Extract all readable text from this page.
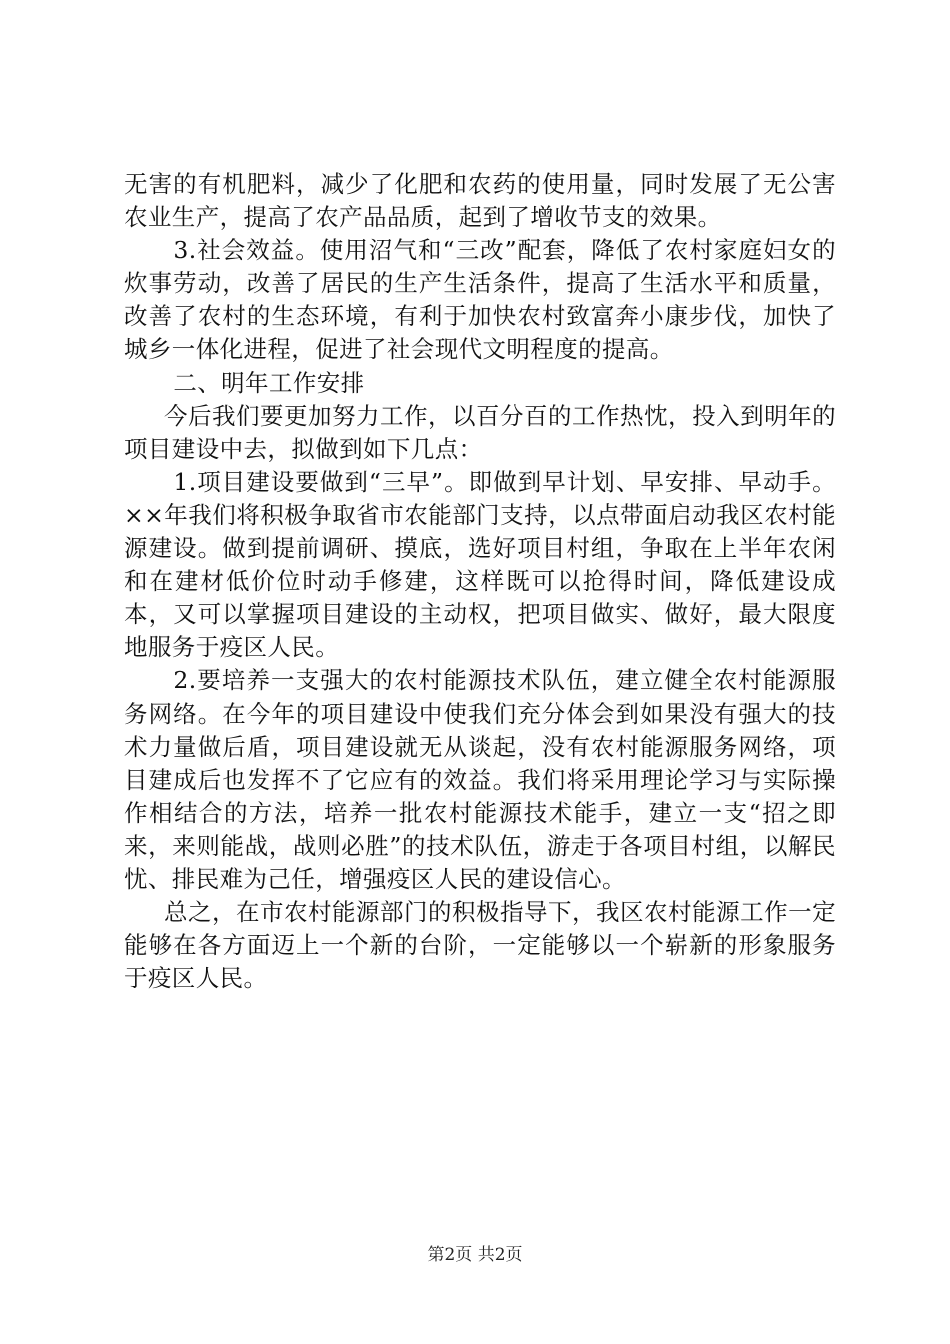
无害的有机肥料，减少了化肥和农药的使用量，同时发展了无公害农业生产，提高了农产品品质，起到了增收节支的效果。

3.社会效益。使用沼气和“三改”配套，降低了农村家庭妇女的炊事劳动，改善了居民的生产生活条件，提高了生活水平和质量，改善了农村的生态环境，有利于加快农村致富奔小康步伐，加快了城乡一体化进程，促进了社会现代文明程度的提高。

二、明年工作安排

今后我们要更加努力工作，以百分百的工作热忱，投入到明年的项目建设中去，拟做到如下几点：

1.项目建设要做到“三早”。即做到早计划、早安排、早动手。××年我们将积极争取省市农能部门支持，以点带面启动我区农村能源建设。做到提前调研、摸底，选好项目村组，争取在上半年农闲和在建材低价位时动手修建，这样既可以抢得时间，降低建设成本，又可以掌握项目建设的主动权，把项目做实、做好，最大限度地服务于疫区人民。

2.要培养一支强大的农村能源技术队伍，建立健全农村能源服务网络。在今年的项目建设中使我们充分体会到如果没有强大的技术力量做后盾，项目建设就无从谈起，没有农村能源服务网络，项目建成后也发挥不了它应有的效益。我们将采用理论学习与实际操作相结合的方法，培养一批农村能源技术能手，建立一支“招之即来，来则能战，战则必胜”的技术队伍，游走于各项目村组，以解民忧、排民难为己任，增强疫区人民的建设信心。

总之，在市农村能源部门的积极指导下，我区农村能源工作一定能够在各方面迈上一个新的台阶，一定能够以一个崭新的形象服务于疫区人民。

第2页 共2页
